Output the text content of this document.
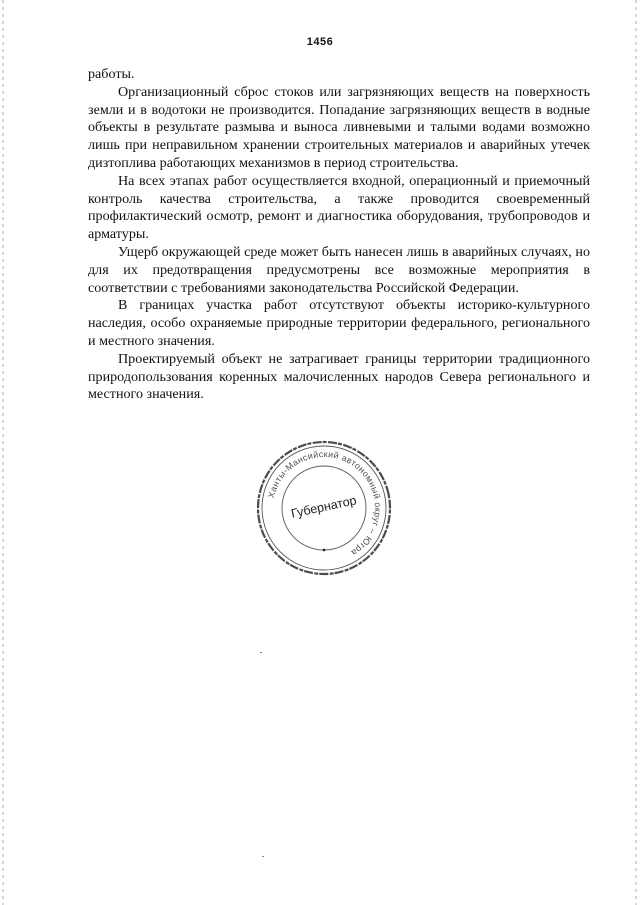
1456

работы.

Организационный сброс стоков или загрязняющих веществ на поверхность земли и в водотоки не производится. Попадание загрязняющих веществ в водные объекты в результате размыва и выноса ливневыми и талыми водами возможно лишь при неправильном хранении строительных материалов и аварийных утечек дизтоплива работающих механизмов в период строительства.

На всех этапах работ осуществляется входной, операционный и приемочный контроль качества строительства, а также проводится своевременный профилактический осмотр, ремонт и диагностика оборудования, трубопроводов и арматуры.

Ущерб окружающей среде может быть нанесен лишь в аварийных случаях, но для их предотвращения предусмотрены все возможные мероприятия в соответствии с требованиями законодательства Российской Федерации.

В границах участка работ отсутствуют объекты историко-культурного наследия, особо охраняемые природные территории федерального, регионального и местного значения.

Проектируемый объект не затрагивает границы территории традиционного природопользования коренных малочисленных народов Севера регионального и местного значения.

Ханты-Мансийский автономный округ – Югра
Губернатор
